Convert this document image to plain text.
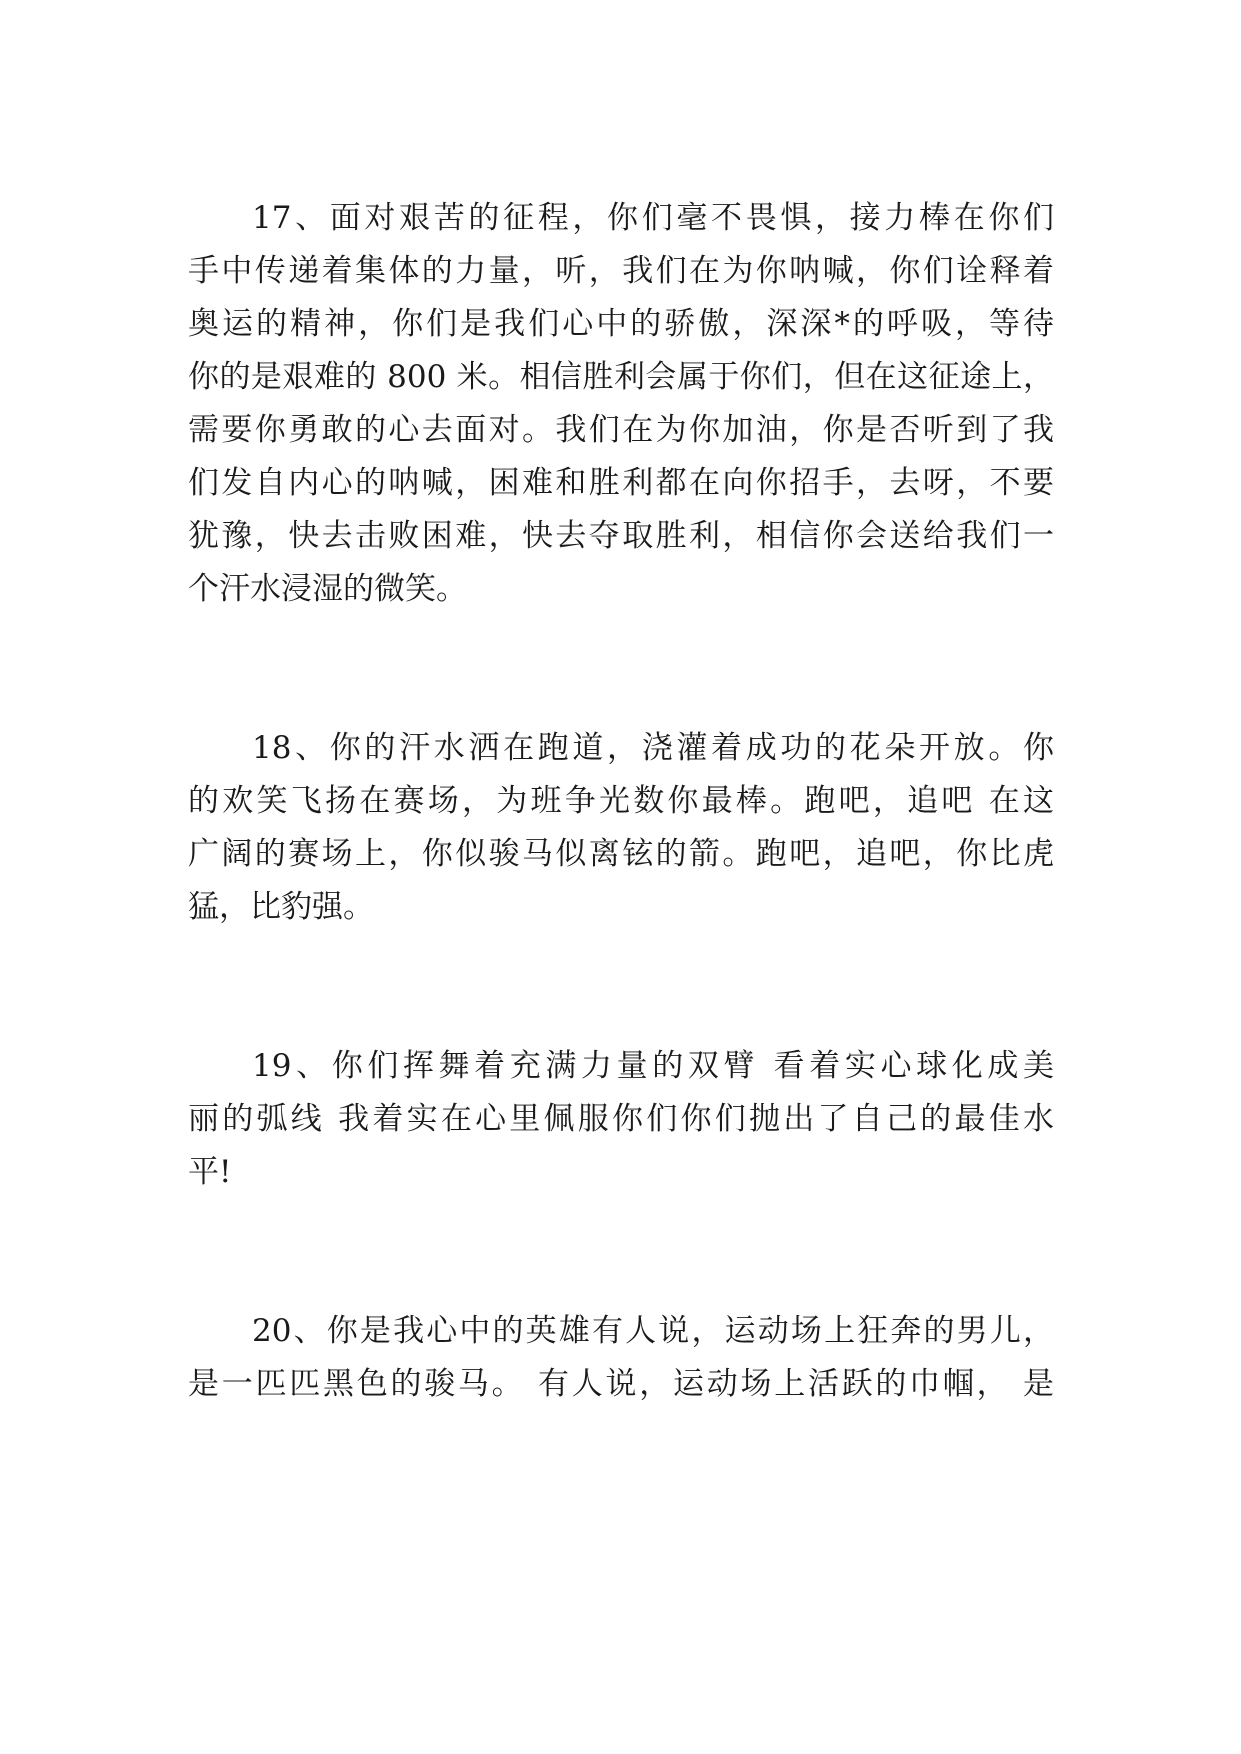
17、面对艰苦的征程，你们毫不畏惧，接力棒在你们
手中传递着集体的力量，听，我们在为你呐喊，你们诠释着
奥运的精神，你们是我们心中的骄傲，深深*的呼吸，等待
你的是艰难的 800 米。相信胜利会属于你们，但在这征途上，
需要你勇敢的心去面对。我们在为你加油，你是否听到了我
们发自内心的呐喊，困难和胜利都在向你招手，去呀，不要
犹豫，快去击败困难，快去夺取胜利，相信你会送给我们一
个汗水浸湿的微笑。
18、你的汗水洒在跑道，浇灌着成功的花朵开放。你
的欢笑飞扬在赛场，为班争光数你最棒。跑吧，追吧 在这
广阔的赛场上，你似骏马似离铉的箭。跑吧，追吧，你比虎
猛，比豹强。
19、你们挥舞着充满力量的双臂 看着实心球化成美
丽的弧线 我着实在心里佩服你们你们抛出了自己的最佳水
平!
20、你是我心中的英雄有人说，运动场上狂奔的男儿，
是一匹匹黑色的骏马。 有人说，运动场上活跃的巾帼， 是
